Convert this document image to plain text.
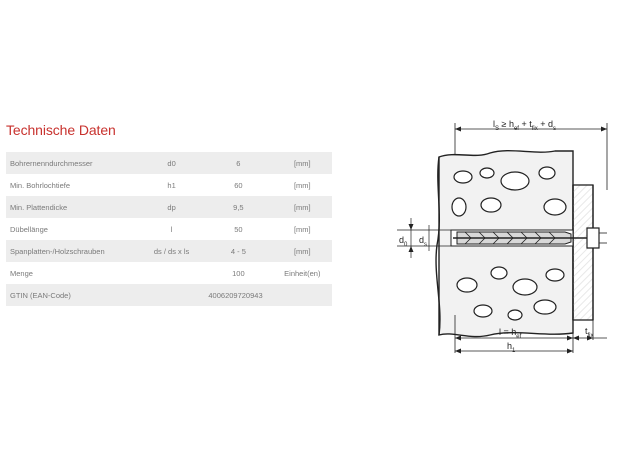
Technische Daten
Bohrernenndurchmesser	d0	6	[mm]
Min. Bohrlochtiefe	h1	60	[mm]
Min. Plattendicke	dp	9,5	[mm]
Dübellänge	l	50	[mm]
Spanplatten-/Holzschrauben	ds / ds x ls	4 - 5	[mm]
Menge		100	Einheit(en)
GTIN (EAN-Code)	4006209720943		
$l_S \ge h_{ef} + t_{fix} + d_s$
$d_0$ $d_s$
$l = h_{ef}$
$t_{fix}$
$h_1$
